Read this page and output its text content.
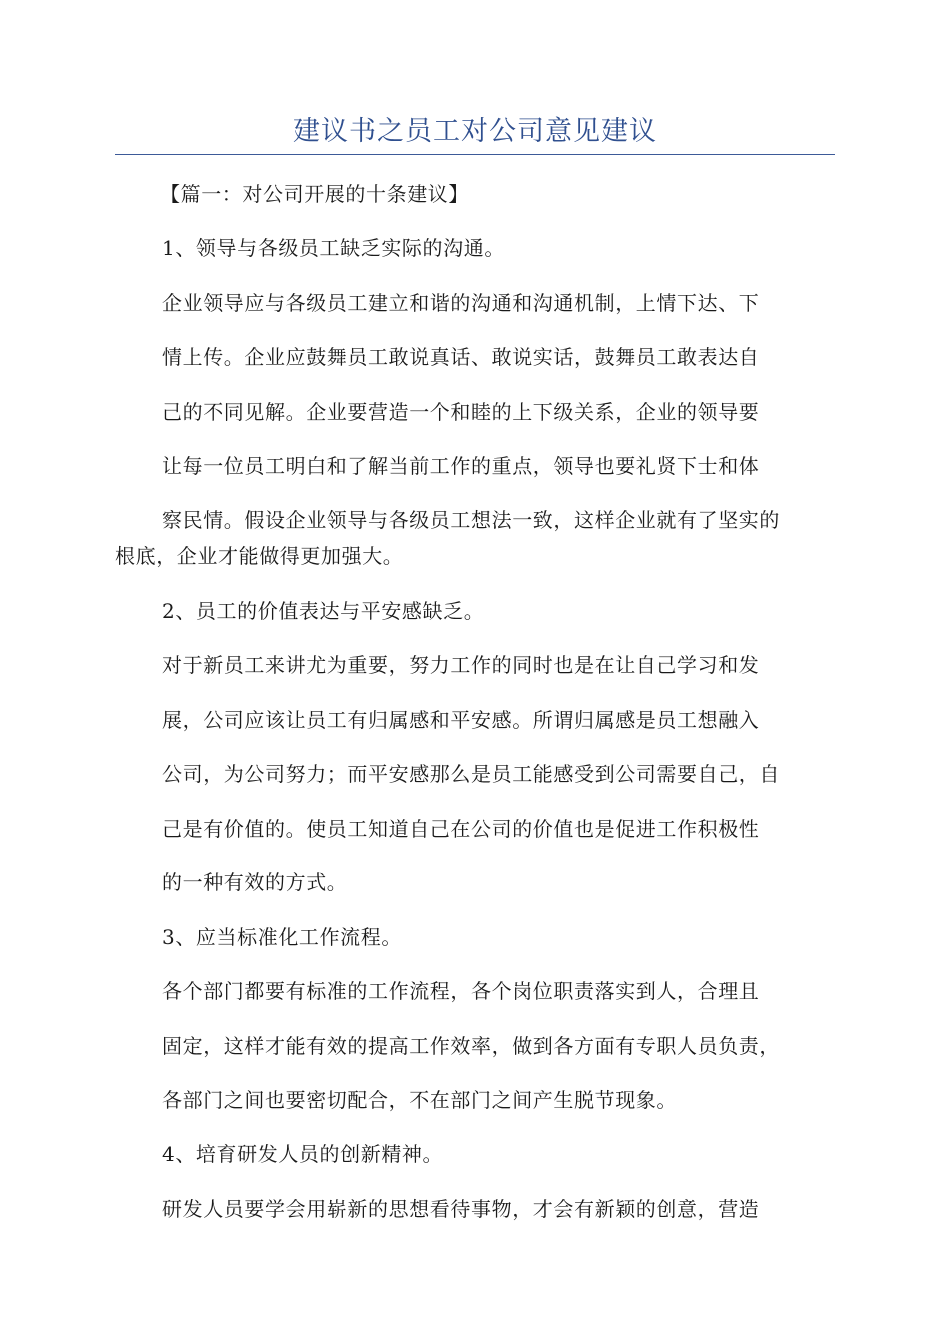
建议书之员工对公司意见建议
【篇一：对公司开展的十条建议】
1、领导与各级员工缺乏实际的沟通。
企业领导应与各级员工建立和谐的沟通和沟通机制，上情下达、下
情上传。企业应鼓舞员工敢说真话、敢说实话，鼓舞员工敢表达自
己的不同见解。企业要营造一个和睦的上下级关系，企业的领导要
让每一位员工明白和了解当前工作的重点，领导也要礼贤下士和体
察民情。假设企业领导与各级员工想法一致，这样企业就有了坚实的
根底，企业才能做得更加强大。
2、员工的价值表达与平安感缺乏。
对于新员工来讲尤为重要，努力工作的同时也是在让自己学习和发
展，公司应该让员工有归属感和平安感。所谓归属感是员工想融入
公司，为公司努力；而平安感那么是员工能感受到公司需要自己，自
己是有价值的。使员工知道自己在公司的价值也是促进工作积极性
的一种有效的方式。
3、应当标准化工作流程。
各个部门都要有标准的工作流程，各个岗位职责落实到人，合理且
固定，这样才能有效的提高工作效率，做到各方面有专职人员负责，
各部门之间也要密切配合，不在部门之间产生脱节现象。
4、培育研发人员的创新精神。
研发人员要学会用崭新的思想看待事物，才会有新颖的创意，营造
